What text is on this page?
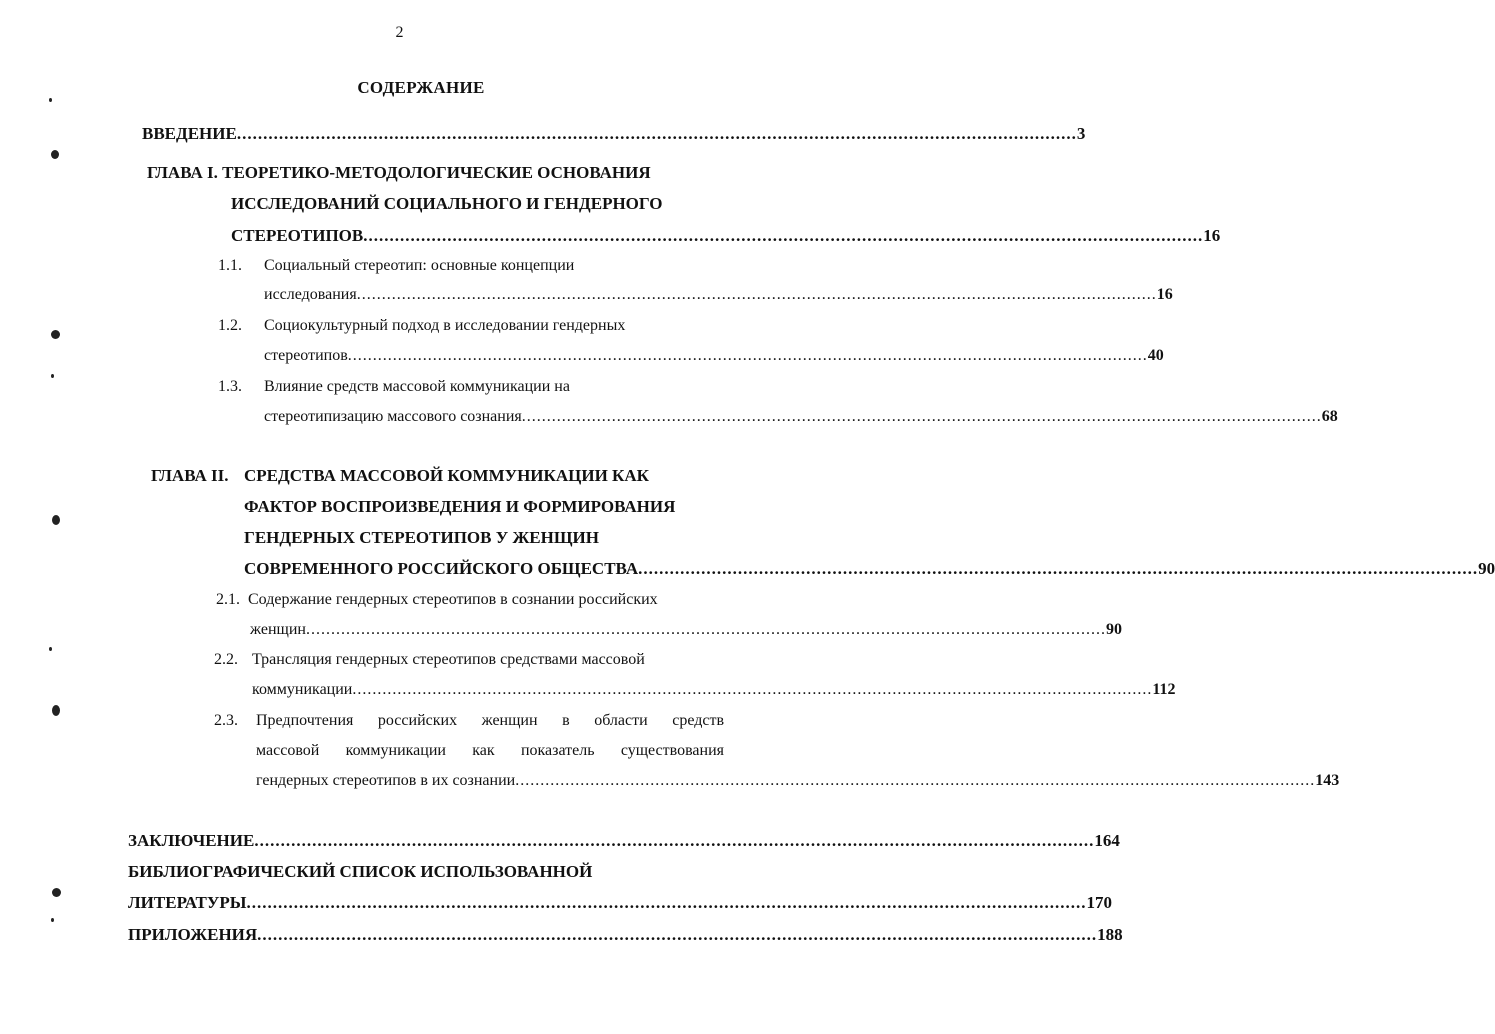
2
СОДЕРЖАНИЕ
ВВЕДЕНИЕ ................................................................................................................................................................ 3
ГЛАВА I. ТЕОРЕТИКО-МЕТОДОЛОГИЧЕСКИЕ ОСНОВАНИЯ
ИССЛЕДОВАНИЙ СОЦИАЛЬНОГО И ГЕНДЕРНОГО
СТЕРЕОТИПОВ ................................................................................................................................................................ 16
1.1. Социальный стереотип: основные концепции
исследования ................................................................................................................................................................ 16
1.2. Социокультурный подход в исследовании гендерных
стереотипов ................................................................................................................................................................ 40
1.3. Влияние средств массовой коммуникации на
стереотипизацию массового сознания ................................................................................................................................................................ 68
ГЛАВА II. СРЕДСТВА МАССОВОЙ КОММУНИКАЦИИ КАК
ФАКТОР ВОСПРОИЗВЕДЕНИЯ И ФОРМИРОВАНИЯ
ГЕНДЕРНЫХ СТЕРЕОТИПОВ У ЖЕНЩИН
СОВРЕМЕННОГО РОССИЙСКОГО ОБЩЕСТВА ................................................................................................................................................................ 90
2.1. Содержание гендерных стереотипов в сознании российских
женщин ................................................................................................................................................................ 90
2.2. Трансляция гендерных стереотипов средствами массовой
коммуникации ................................................................................................................................................................ 112
2.3. Предпочтения российских женщин в области средств
массовой коммуникации как показатель существования
гендерных стереотипов в их сознании ................................................................................................................................................................ 143
ЗАКЛЮЧЕНИЕ ................................................................................................................................................................ 164
БИБЛИОГРАФИЧЕСКИЙ СПИСОК ИСПОЛЬЗОВАННОЙ
ЛИТЕРАТУРЫ ................................................................................................................................................................ 170
ПРИЛОЖЕНИЯ ................................................................................................................................................................ 188
